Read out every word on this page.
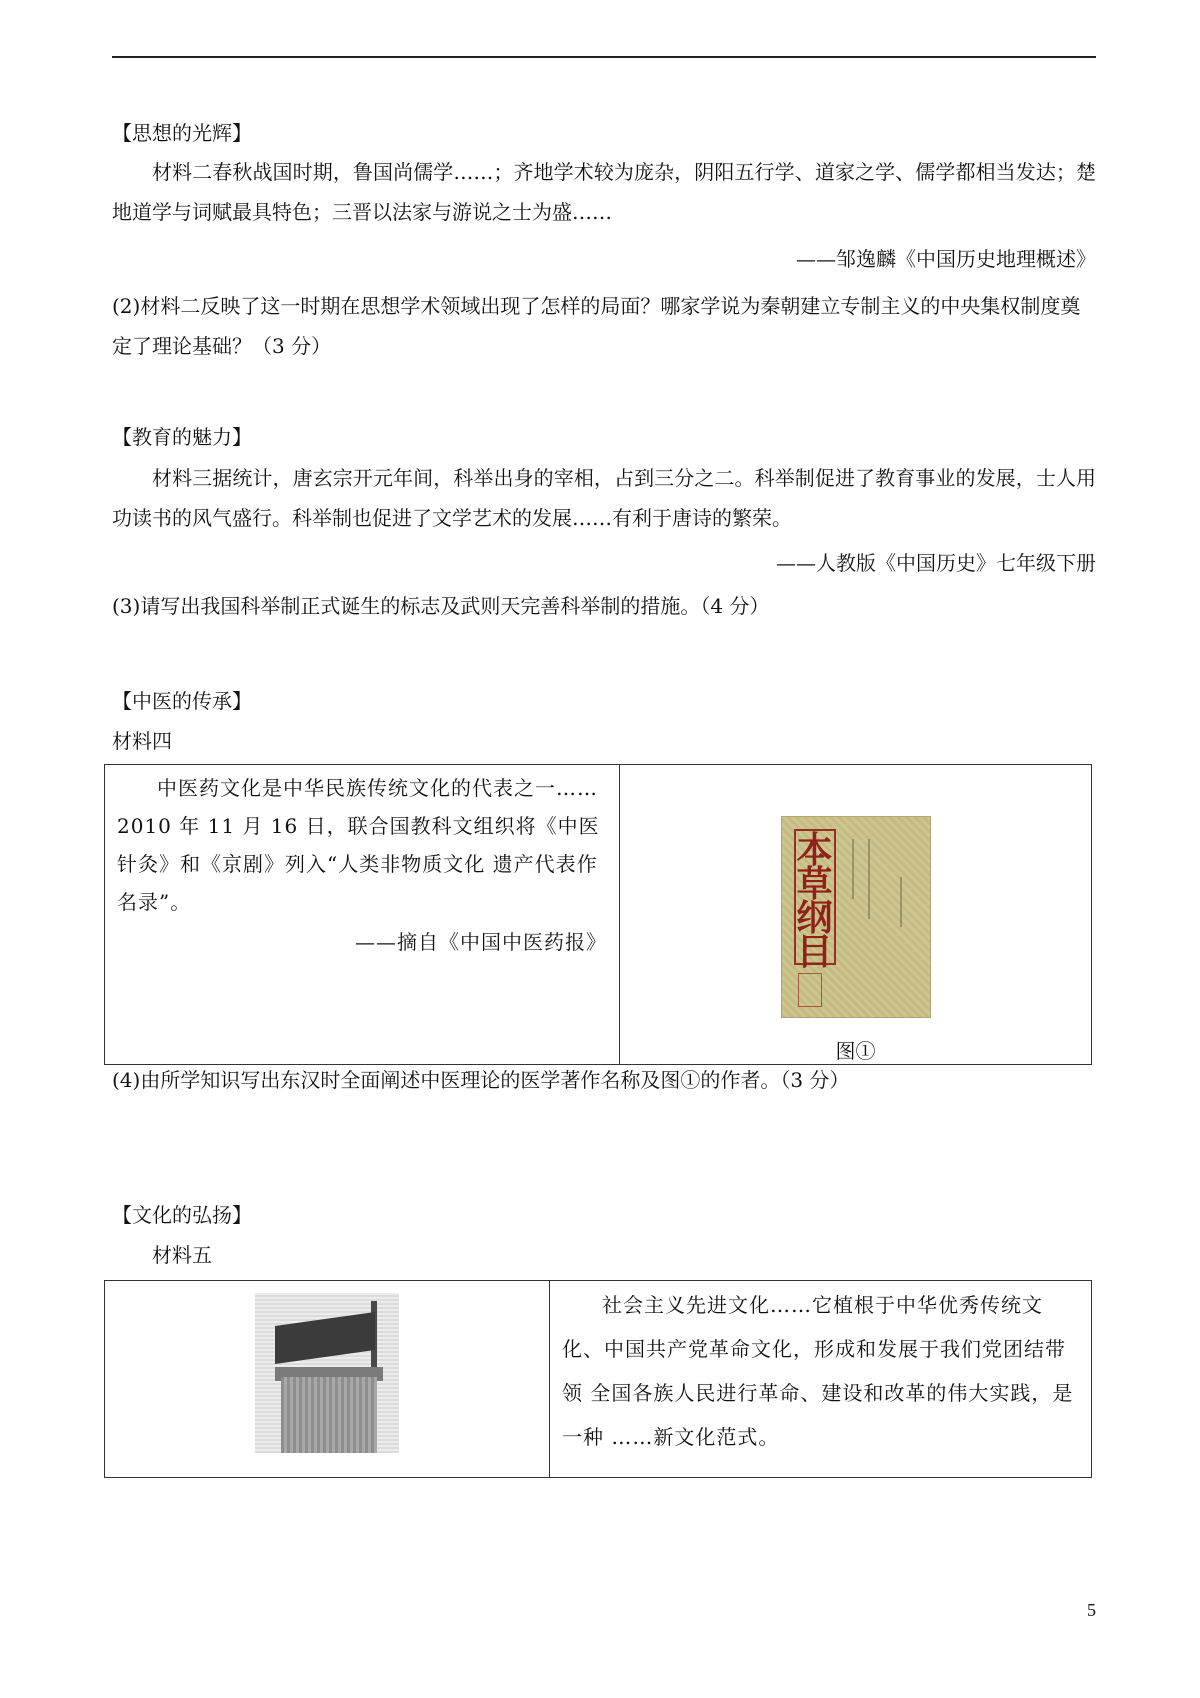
【思想的光辉】
材料二春秋战国时期，鲁国尚儒学……；齐地学术较为庞杂，阴阳五行学、道家之学、儒学都相当发达；楚地道学与词赋最具特色；三晋以法家与游说之士为盛……
——邹逸麟《中国历史地理概述》
(2)材料二反映了这一时期在思想学术领域出现了怎样的局面？哪家学说为秦朝建立专制主义的中央集权制度奠定了理论基础？（3 分）
【教育的魅力】
材料三据统计，唐玄宗开元年间，科举出身的宰相，占到三分之二。科举制促进了教育事业的发展，士人用功读书的风气盛行。科举制也促进了文学艺术的发展……有利于唐诗的繁荣。
——人教版《中国历史》七年级下册
(3)请写出我国科举制正式诞生的标志及武则天完善科举制的措施。（4 分）
【中医的传承】
材料四
中医药文化是中华民族传统文化的代表之一……2010 年 11 月 16 日，联合国教科文组织将《中医针灸》和《京剧》列入“人类非物质文化 遗产代表作名录”。
——摘自《中国中医药报》

本草纲目
图①
(4)由所学知识写出东汉时全面阐述中医理论的医学著作名称及图①的作者。（3 分）
【文化的弘扬】
材料五

社会主义先进文化……它植根于中华优秀传统文化、中国共产党革命文化，形成和发展于我们党团结带领 全国各族人民进行革命、建设和改革的伟大实践，是一种 ……新文化范式。
5
